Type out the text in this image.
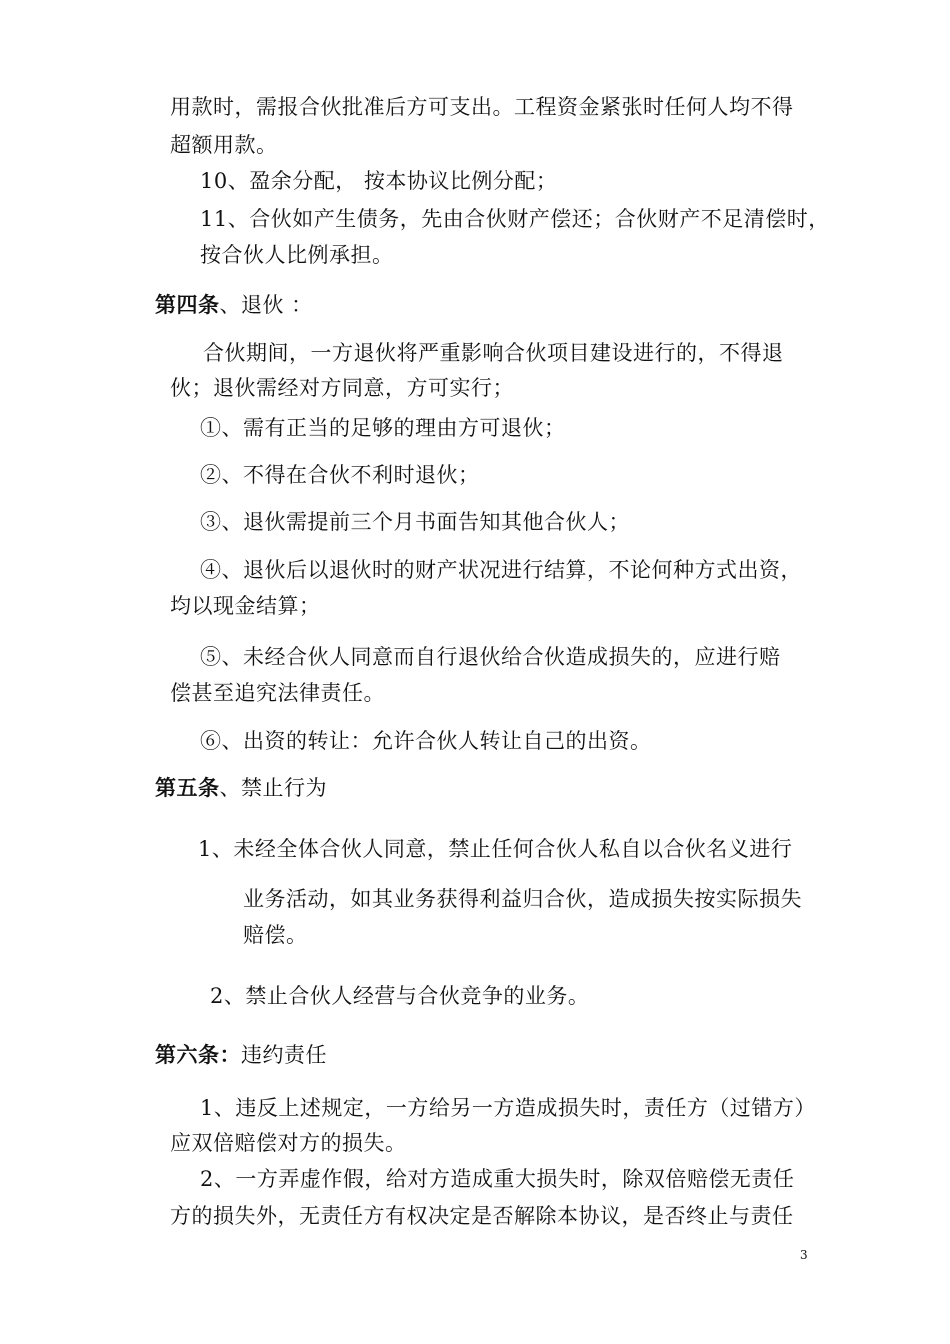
用款时，需报合伙批准后方可支出。工程资金紧张时任何人均不得
超额用款。
10、盈余分配， 按本协议比例分配；
11、合伙如产生债务，先由合伙财产偿还；合伙财产不足清偿时，
按合伙人比例承担。
第四条、退伙 ：
合伙期间，一方退伙将严重影响合伙项目建设进行的，不得退
伙；退伙需经对方同意，方可实行；
①、需有正当的足够的理由方可退伙；
②、不得在合伙不利时退伙；
③、退伙需提前三个月书面告知其他合伙人；
④、退伙后以退伙时的财产状况进行结算，不论何种方式出资，
均以现金结算；
⑤、未经合伙人同意而自行退伙给合伙造成损失的，应进行赔
偿甚至追究法律责任。
⑥、出资的转让：允许合伙人转让自己的出资。
第五条、禁止行为
1、未经全体合伙人同意，禁止任何合伙人私自以合伙名义进行
业务活动，如其业务获得利益归合伙，造成损失按实际损失
赔偿。
2、禁止合伙人经营与合伙竞争的业务。
第六条：违约责任
1、违反上述规定，一方给另一方造成损失时，责任方（过错方）
应双倍赔偿对方的损失。
2、一方弄虚作假，给对方造成重大损失时，除双倍赔偿无责任
方的损失外，无责任方有权决定是否解除本协议，是否终止与责任
3
